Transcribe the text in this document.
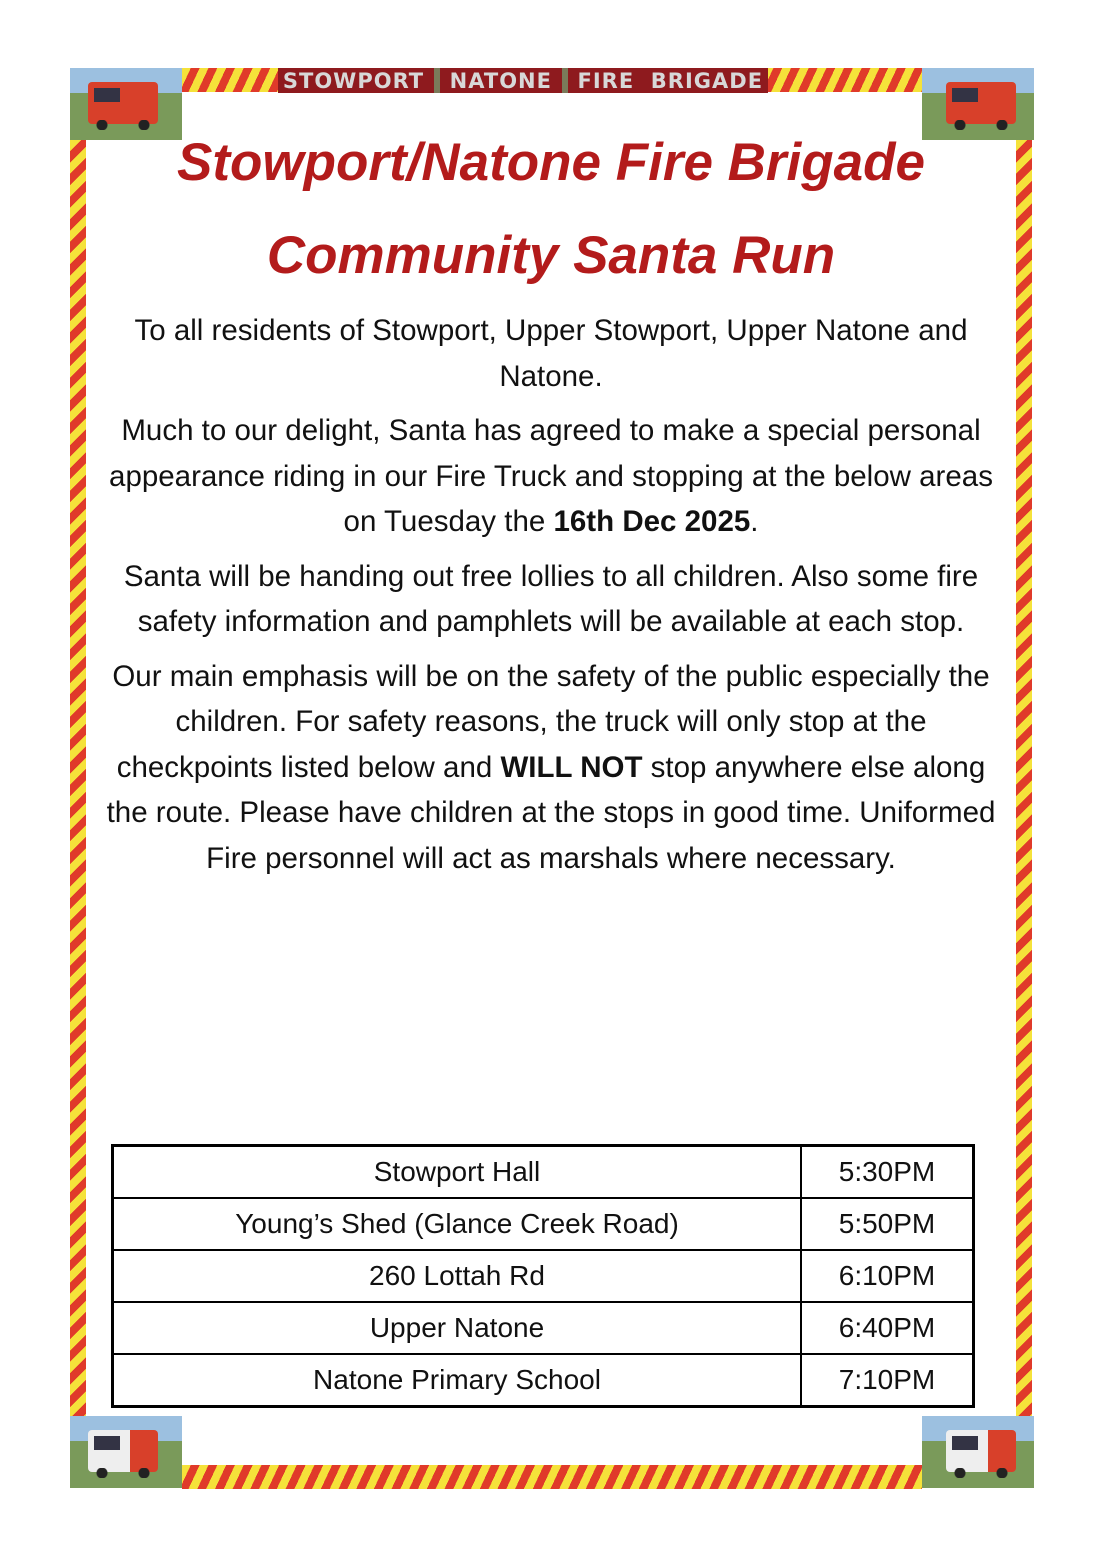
STOWPORT NATONE FIRE  BRIGADE
Stowport/Natone Fire Brigade
Community Santa Run

To all residents of Stowport, Upper Stowport, Upper Natone and Natone.

Much to our delight, Santa has agreed to make a special personal appearance riding in our Fire Truck and stopping at the below areas on Tuesday the 16th Dec 2025.

Santa will be handing out free lollies to all children. Also some fire safety information and pamphlets will be available at each stop.

Our main emphasis will be on the safety of the public especially the children. For safety reasons, the truck will only stop at the checkpoints listed below and WILL NOT stop anywhere else along the route. Please have children at the stops in good time. Uniformed Fire personnel will act as marshals where necessary.

Stowport Hall	5:30PM
Young’s Shed (Glance Creek Road)	5:50PM
260 Lottah Rd	6:10PM
Upper Natone	6:40PM
Natone Primary School	7:10PM
